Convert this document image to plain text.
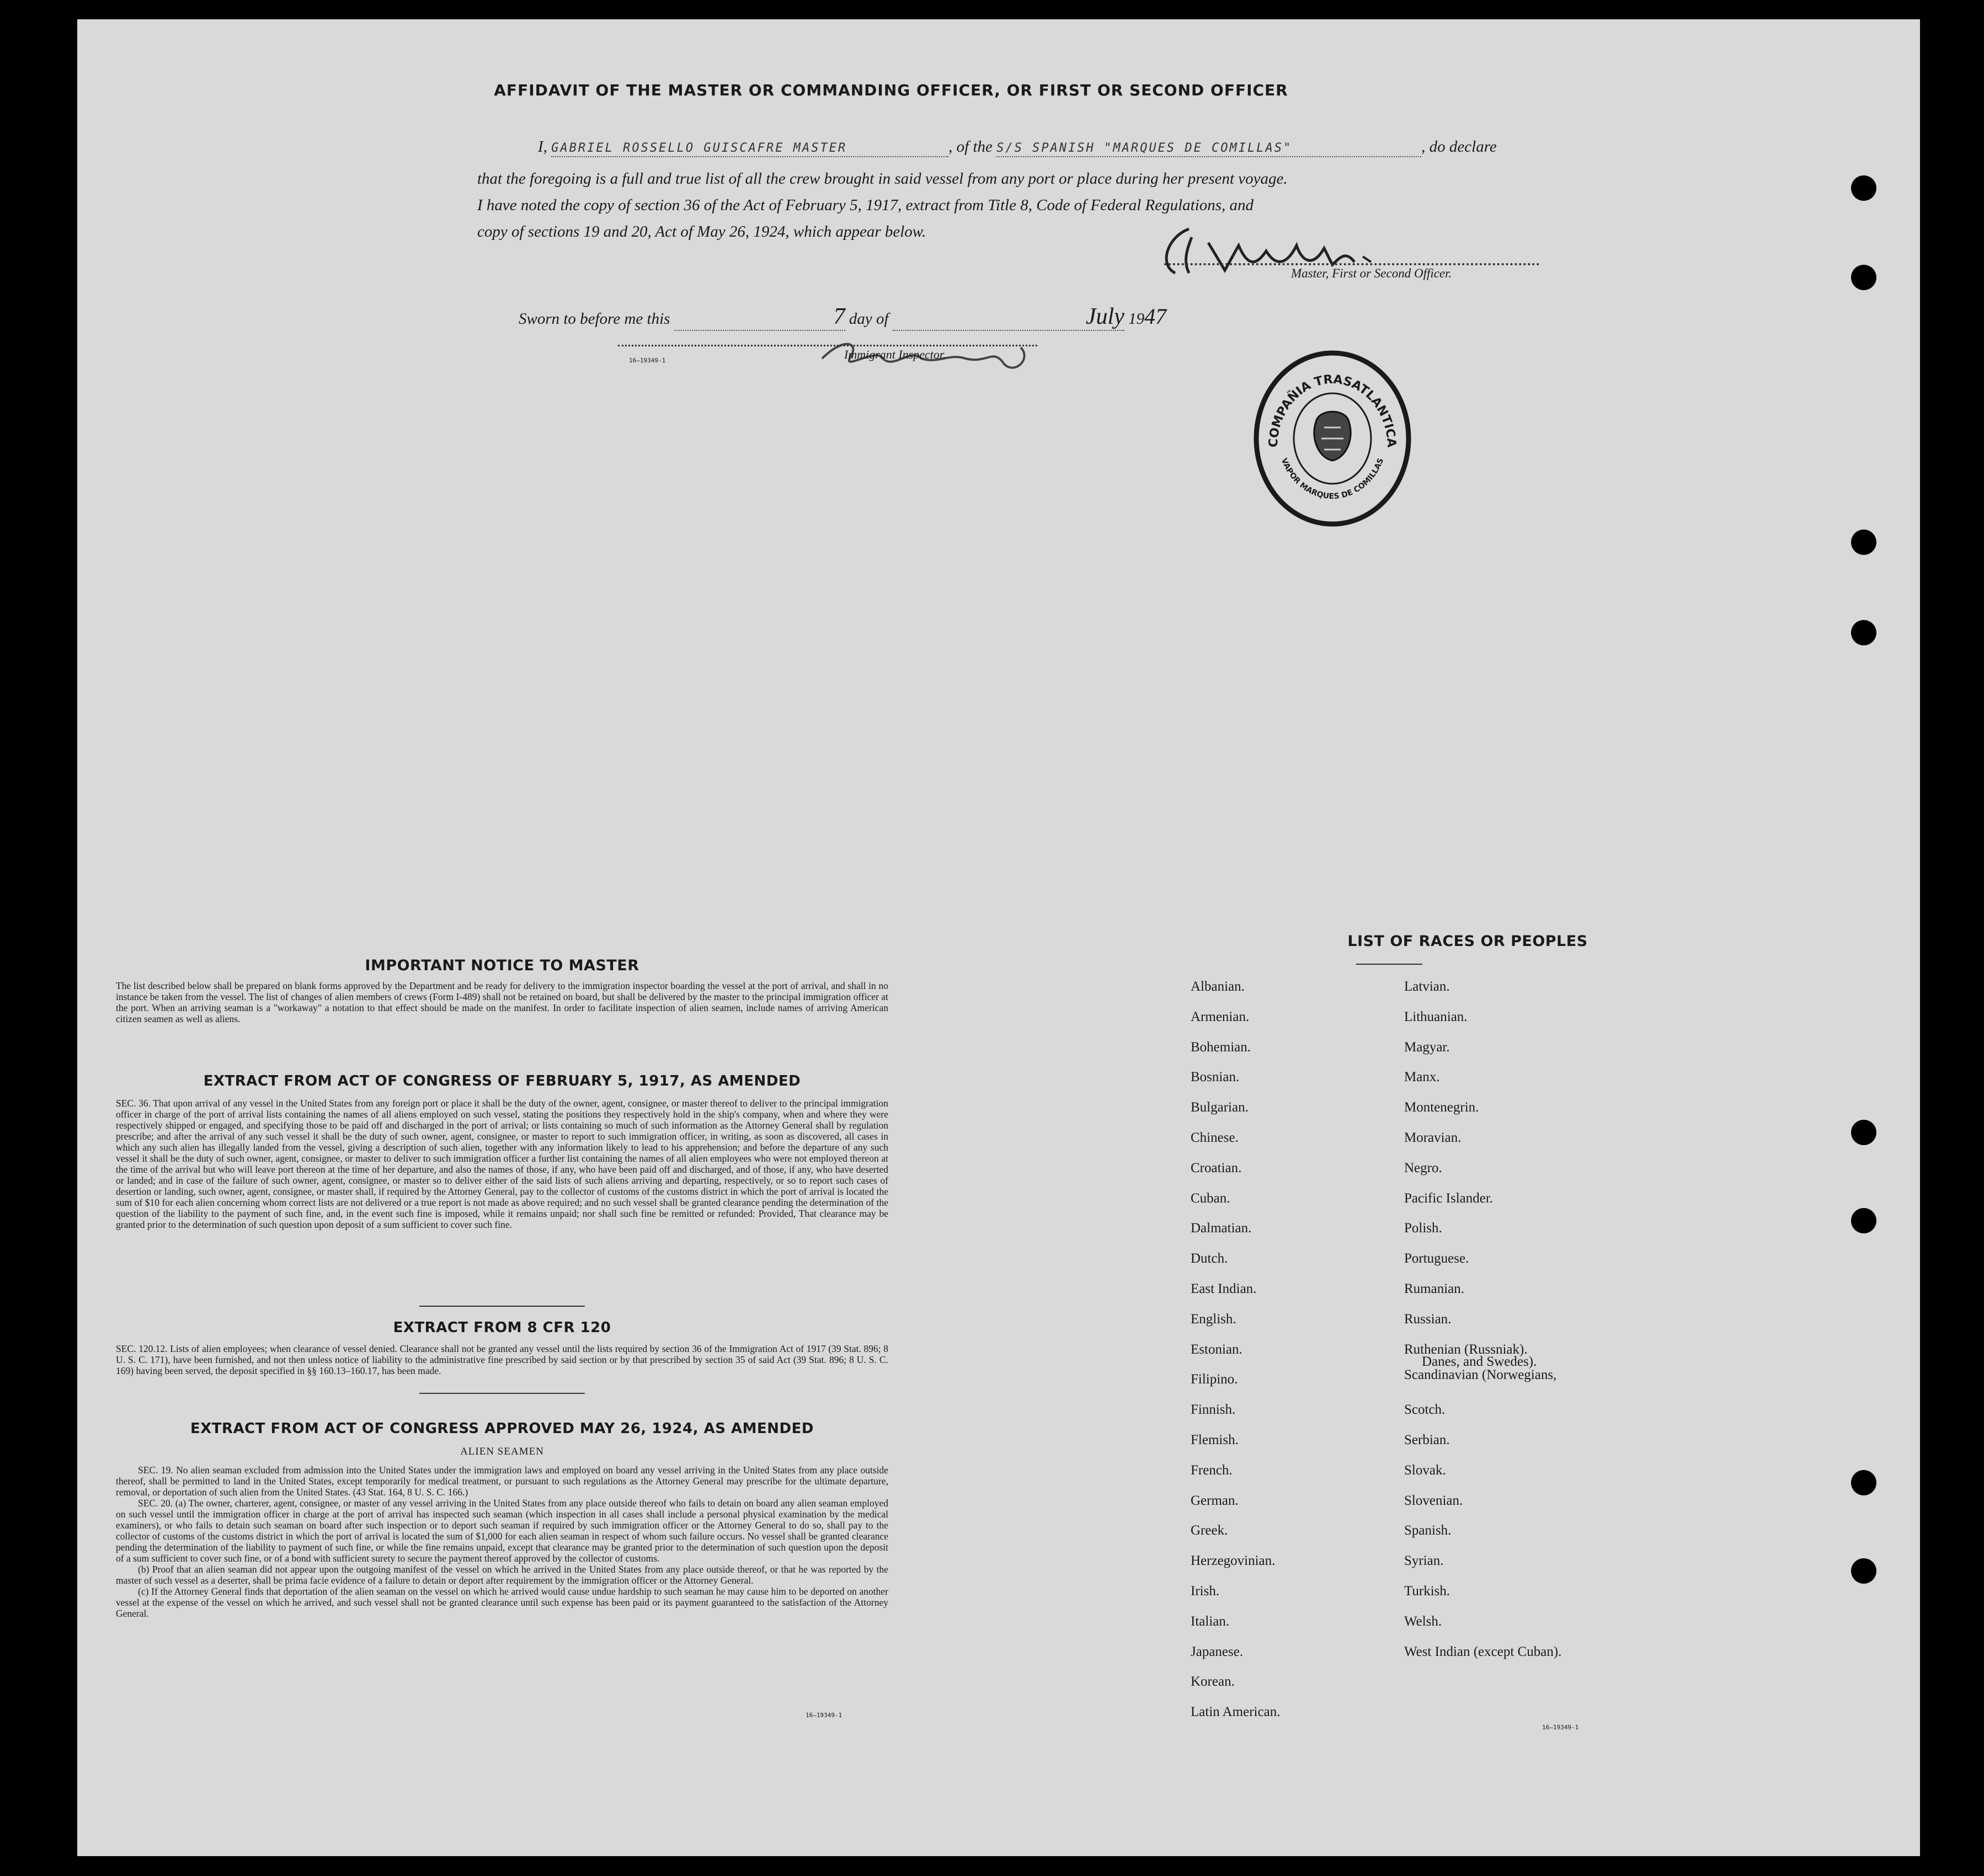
AFFIDAVIT OF THE MASTER OR COMMANDING OFFICER, OR FIRST OR SECOND OFFICER
I, GABRIEL ROSSELLO GUISCAFRE MASTER	, of the S/S SPANISH "MARQUES DE COMILLAS"	, do declare
that the foregoing is a full and true list of all the crew brought in said vessel from any port or place during her present voyage.
I have noted the copy of section 36 of the Act of February 5, 1917, extract from Title 8, Code of Federal Regulations, and
copy of sections 19 and 20, Act of May 26, 1924, which appear below.
Master, First or Second Officer.
Sworn to before me this	7 day of	July 1947
Immigrant Inspector.
16—19349-1
COMPAÑIA TRASATLANTICA
VAPOR MARQUES DE COMILLAS
IMPORTANT NOTICE TO MASTER
The list described below shall be prepared on blank forms approved by the Department and be ready for delivery to the immigration inspector boarding the vessel at the port of arrival, and shall in no instance be taken from the vessel. The list of changes of alien members of crews (Form I-489) shall not be retained on board, but shall be delivered by the master to the principal immigration officer at the port. When an arriving seaman is a "workaway" a notation to that effect should be made on the manifest. In order to facilitate inspection of alien seamen, include names of arriving American citizen seamen as well as aliens.
EXTRACT FROM ACT OF CONGRESS OF FEBRUARY 5, 1917, AS AMENDED
SEC. 36. That upon arrival of any vessel in the United States from any foreign port or place it shall be the duty of the owner, agent, consignee, or master thereof to deliver to the principal immigration officer in charge of the port of arrival lists containing the names of all aliens employed on such vessel, stating the positions they respectively hold in the ship's company, when and where they were respectively shipped or engaged, and specifying those to be paid off and discharged in the port of arrival; or lists containing so much of such information as the Attorney General shall by regulation prescribe; and after the arrival of any such vessel it shall be the duty of such owner, agent, consignee, or master to report to such immigration officer, in writing, as soon as discovered, all cases in which any such alien has illegally landed from the vessel, giving a description of such alien, together with any information likely to lead to his apprehension; and before the departure of any such vessel it shall be the duty of such owner, agent, consignee, or master to deliver to such immigration officer a further list containing the names of all alien employees who were not employed thereon at the time of the arrival but who will leave port thereon at the time of her departure, and also the names of those, if any, who have been paid off and discharged, and of those, if any, who have deserted or landed; and in case of the failure of such owner, agent, consignee, or master so to deliver either of the said lists of such aliens arriving and departing, respectively, or so to report such cases of desertion or landing, such owner, agent, consignee, or master shall, if required by the Attorney General, pay to the collector of customs of the customs district in which the port of arrival is located the sum of $10 for each alien concerning whom correct lists are not delivered or a true report is not made as above required; and no such vessel shall be granted clearance pending the determination of the question of the liability to the payment of such fine, and, in the event such fine is imposed, while it remains unpaid; nor shall such fine be remitted or refunded: Provided, That clearance may be granted prior to the determination of such question upon deposit of a sum sufficient to cover such fine.
EXTRACT FROM 8 CFR 120
SEC. 120.12. Lists of alien employees; when clearance of vessel denied. Clearance shall not be granted any vessel until the lists required by section 36 of the Immigration Act of 1917 (39 Stat. 896; 8 U. S. C. 171), have been furnished, and not then unless notice of liability to the administrative fine prescribed by said section or by that prescribed by section 35 of said Act (39 Stat. 896; 8 U. S. C. 169) having been served, the deposit specified in §§ 160.13–160.17, has been made.
EXTRACT FROM ACT OF CONGRESS APPROVED MAY 26, 1924, AS AMENDED
ALIEN SEAMEN
SEC. 19. No alien seaman excluded from admission into the United States under the immigration laws and employed on board any vessel arriving in the United States from any place outside thereof, shall be permitted to land in the United States, except temporarily for medical treatment, or pursuant to such regulations as the Attorney General may prescribe for the ultimate departure, removal, or deportation of such alien from the United States. (43 Stat. 164, 8 U. S. C. 166.)
SEC. 20. (a) The owner, charterer, agent, consignee, or master of any vessel arriving in the United States from any place outside thereof who fails to detain on board any alien seaman employed on such vessel until the immigration officer in charge at the port of arrival has inspected such seaman (which inspection in all cases shall include a personal physical examination by the medical examiners), or who fails to detain such seaman on board after such inspection or to deport such seaman if required by such immigration officer or the Attorney General to do so, shall pay to the collector of customs of the customs district in which the port of arrival is located the sum of $1,000 for each alien seaman in respect of whom such failure occurs. No vessel shall be granted clearance pending the determination of the liability to payment of such fine, or while the fine remains unpaid, except that clearance may be granted prior to the determination of such question upon the deposit of a sum sufficient to cover such fine, or of a bond with sufficient surety to secure the payment thereof approved by the collector of customs.
(b) Proof that an alien seaman did not appear upon the outgoing manifest of the vessel on which he arrived in the United States from any place outside thereof, or that he was reported by the master of such vessel as a deserter, shall be prima facie evidence of a failure to detain or deport after requirement by the immigration officer or the Attorney General.
(c) If the Attorney General finds that deportation of the alien seaman on the vessel on which he arrived would cause undue hardship to such seaman he may cause him to be deported on another vessel at the expense of the vessel on which he arrived, and such vessel shall not be granted clearance until such expense has been paid or its payment guaranteed to the satisfaction of the Attorney General.
16—19349-1
LIST OF RACES OR PEOPLES
16—19349-1
Albanian.
Armenian.
Bohemian.
Bosnian.
Bulgarian.
Chinese.
Croatian.
Cuban.
Dalmatian.
Dutch.
East Indian.
English.
Estonian.
Filipino.
Finnish.
Flemish.
French.
German.
Greek.
Herzegovinian.
Irish.
Italian.
Japanese.
Korean.
Latin American.
Latvian.
Lithuanian.
Magyar.
Manx.
Montenegrin.
Moravian.
Negro.
Pacific Islander.
Polish.
Portuguese.
Rumanian.
Russian.
Ruthenian (Russniak).
Scandinavian (Norwegians,
Danes, and Swedes).
Scotch.
Serbian.
Slovak.
Slovenian.
Spanish.
Syrian.
Turkish.
Welsh.
West Indian (except Cuban).
